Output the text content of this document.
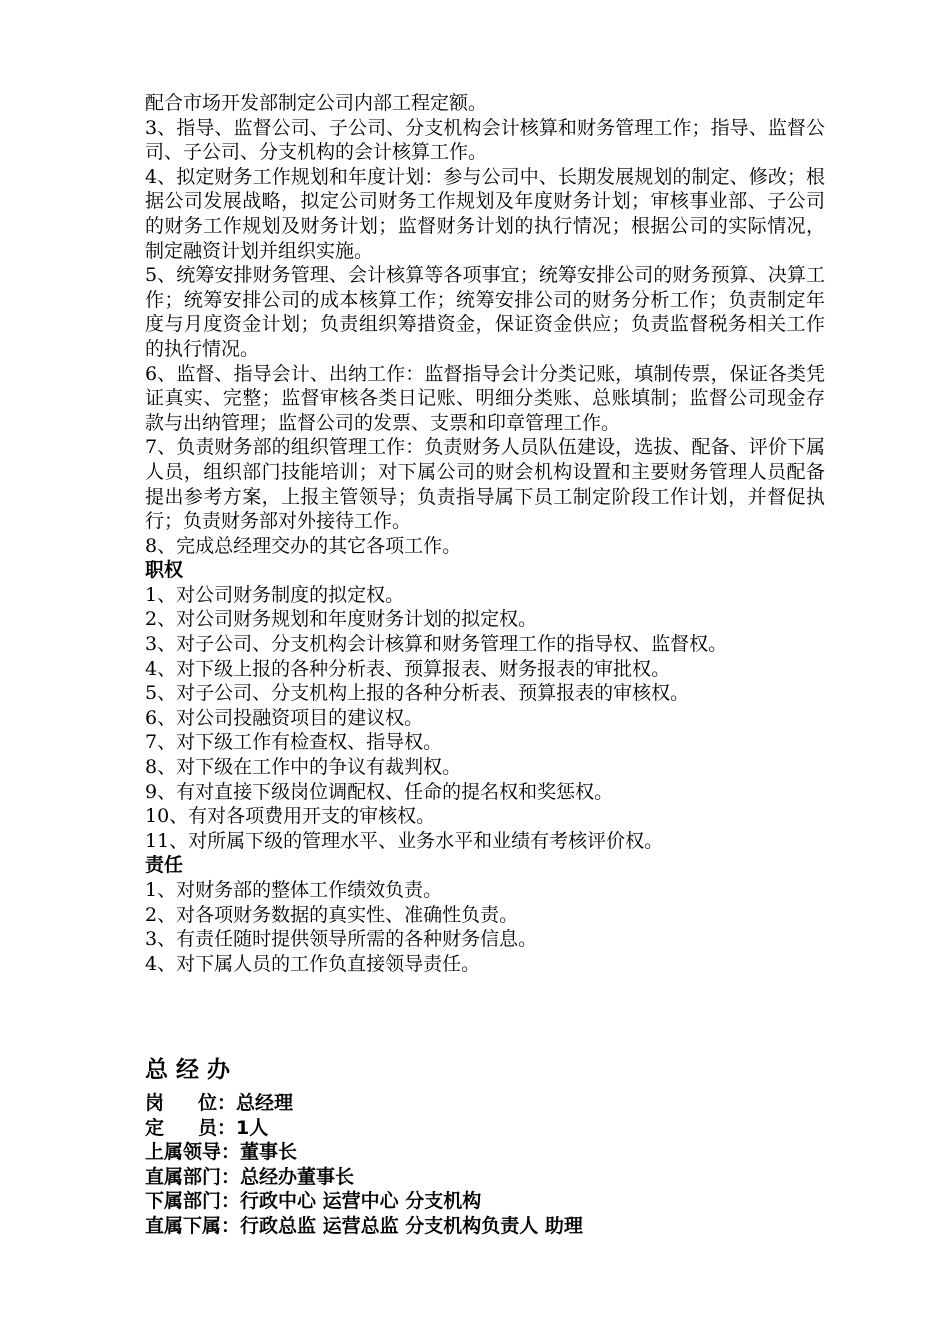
配合市场开发部制定公司内部工程定额。

3、指导、监督公司、子公司、分支机构会计核算和财务管理工作；指导、监督公司、子公司、分支机构的会计核算工作。

4、拟定财务工作规划和年度计划：参与公司中、长期发展规划的制定、修改；根据公司发展战略，拟定公司财务工作规划及年度财务计划；审核事业部、子公司的财务工作规划及财务计划；监督财务计划的执行情况；根据公司的实际情况，制定融资计划并组织实施。

5、统筹安排财务管理、会计核算等各项事宜；统筹安排公司的财务预算、决算工作；统筹安排公司的成本核算工作；统筹安排公司的财务分析工作；负责制定年度与月度资金计划；负责组织筹措资金，保证资金供应；负责监督税务相关工作的执行情况。

6、监督、指导会计、出纳工作：监督指导会计分类记账，填制传票，保证各类凭证真实、完整；监督审核各类日记账、明细分类账、总账填制；监督公司现金存款与出纳管理；监督公司的发票、支票和印章管理工作。

7、负责财务部的组织管理工作：负责财务人员队伍建设，选拔、配备、评价下属人员，组织部门技能培训；对下属公司的财会机构设置和主要财务管理人员配备提出参考方案，上报主管领导；负责指导属下员工制定阶段工作计划，并督促执行；负责财务部对外接待工作。

8、完成总经理交办的其它各项工作。

职权

1、对公司财务制度的拟定权。

2、对公司财务规划和年度财务计划的拟定权。

3、对子公司、分支机构会计核算和财务管理工作的指导权、监督权。

4、对下级上报的各种分析表、预算报表、财务报表的审批权。

5、对子公司、分支机构上报的各种分析表、预算报表的审核权。

6、对公司投融资项目的建议权。

7、对下级工作有检查权、指导权。

8、对下级在工作中的争议有裁判权。

9、有对直接下级岗位调配权、任命的提名权和奖惩权。

10、有对各项费用开支的审核权。

11、对所属下级的管理水平、业务水平和业绩有考核评价权。

责任

1、对财务部的整体工作绩效负责。

2、对各项财务数据的真实性、准确性负责。

3、有责任随时提供领导所需的各种财务信息。

4、对下属人员的工作负直接领导责任。

总经办

岗 位：总经理

定 员：1人

上属领导：董事长

直属部门：总经办董事长

下属部门：行政中心 运营中心 分支机构

直属下属：行政总监 运营总监 分支机构负责人 助理
